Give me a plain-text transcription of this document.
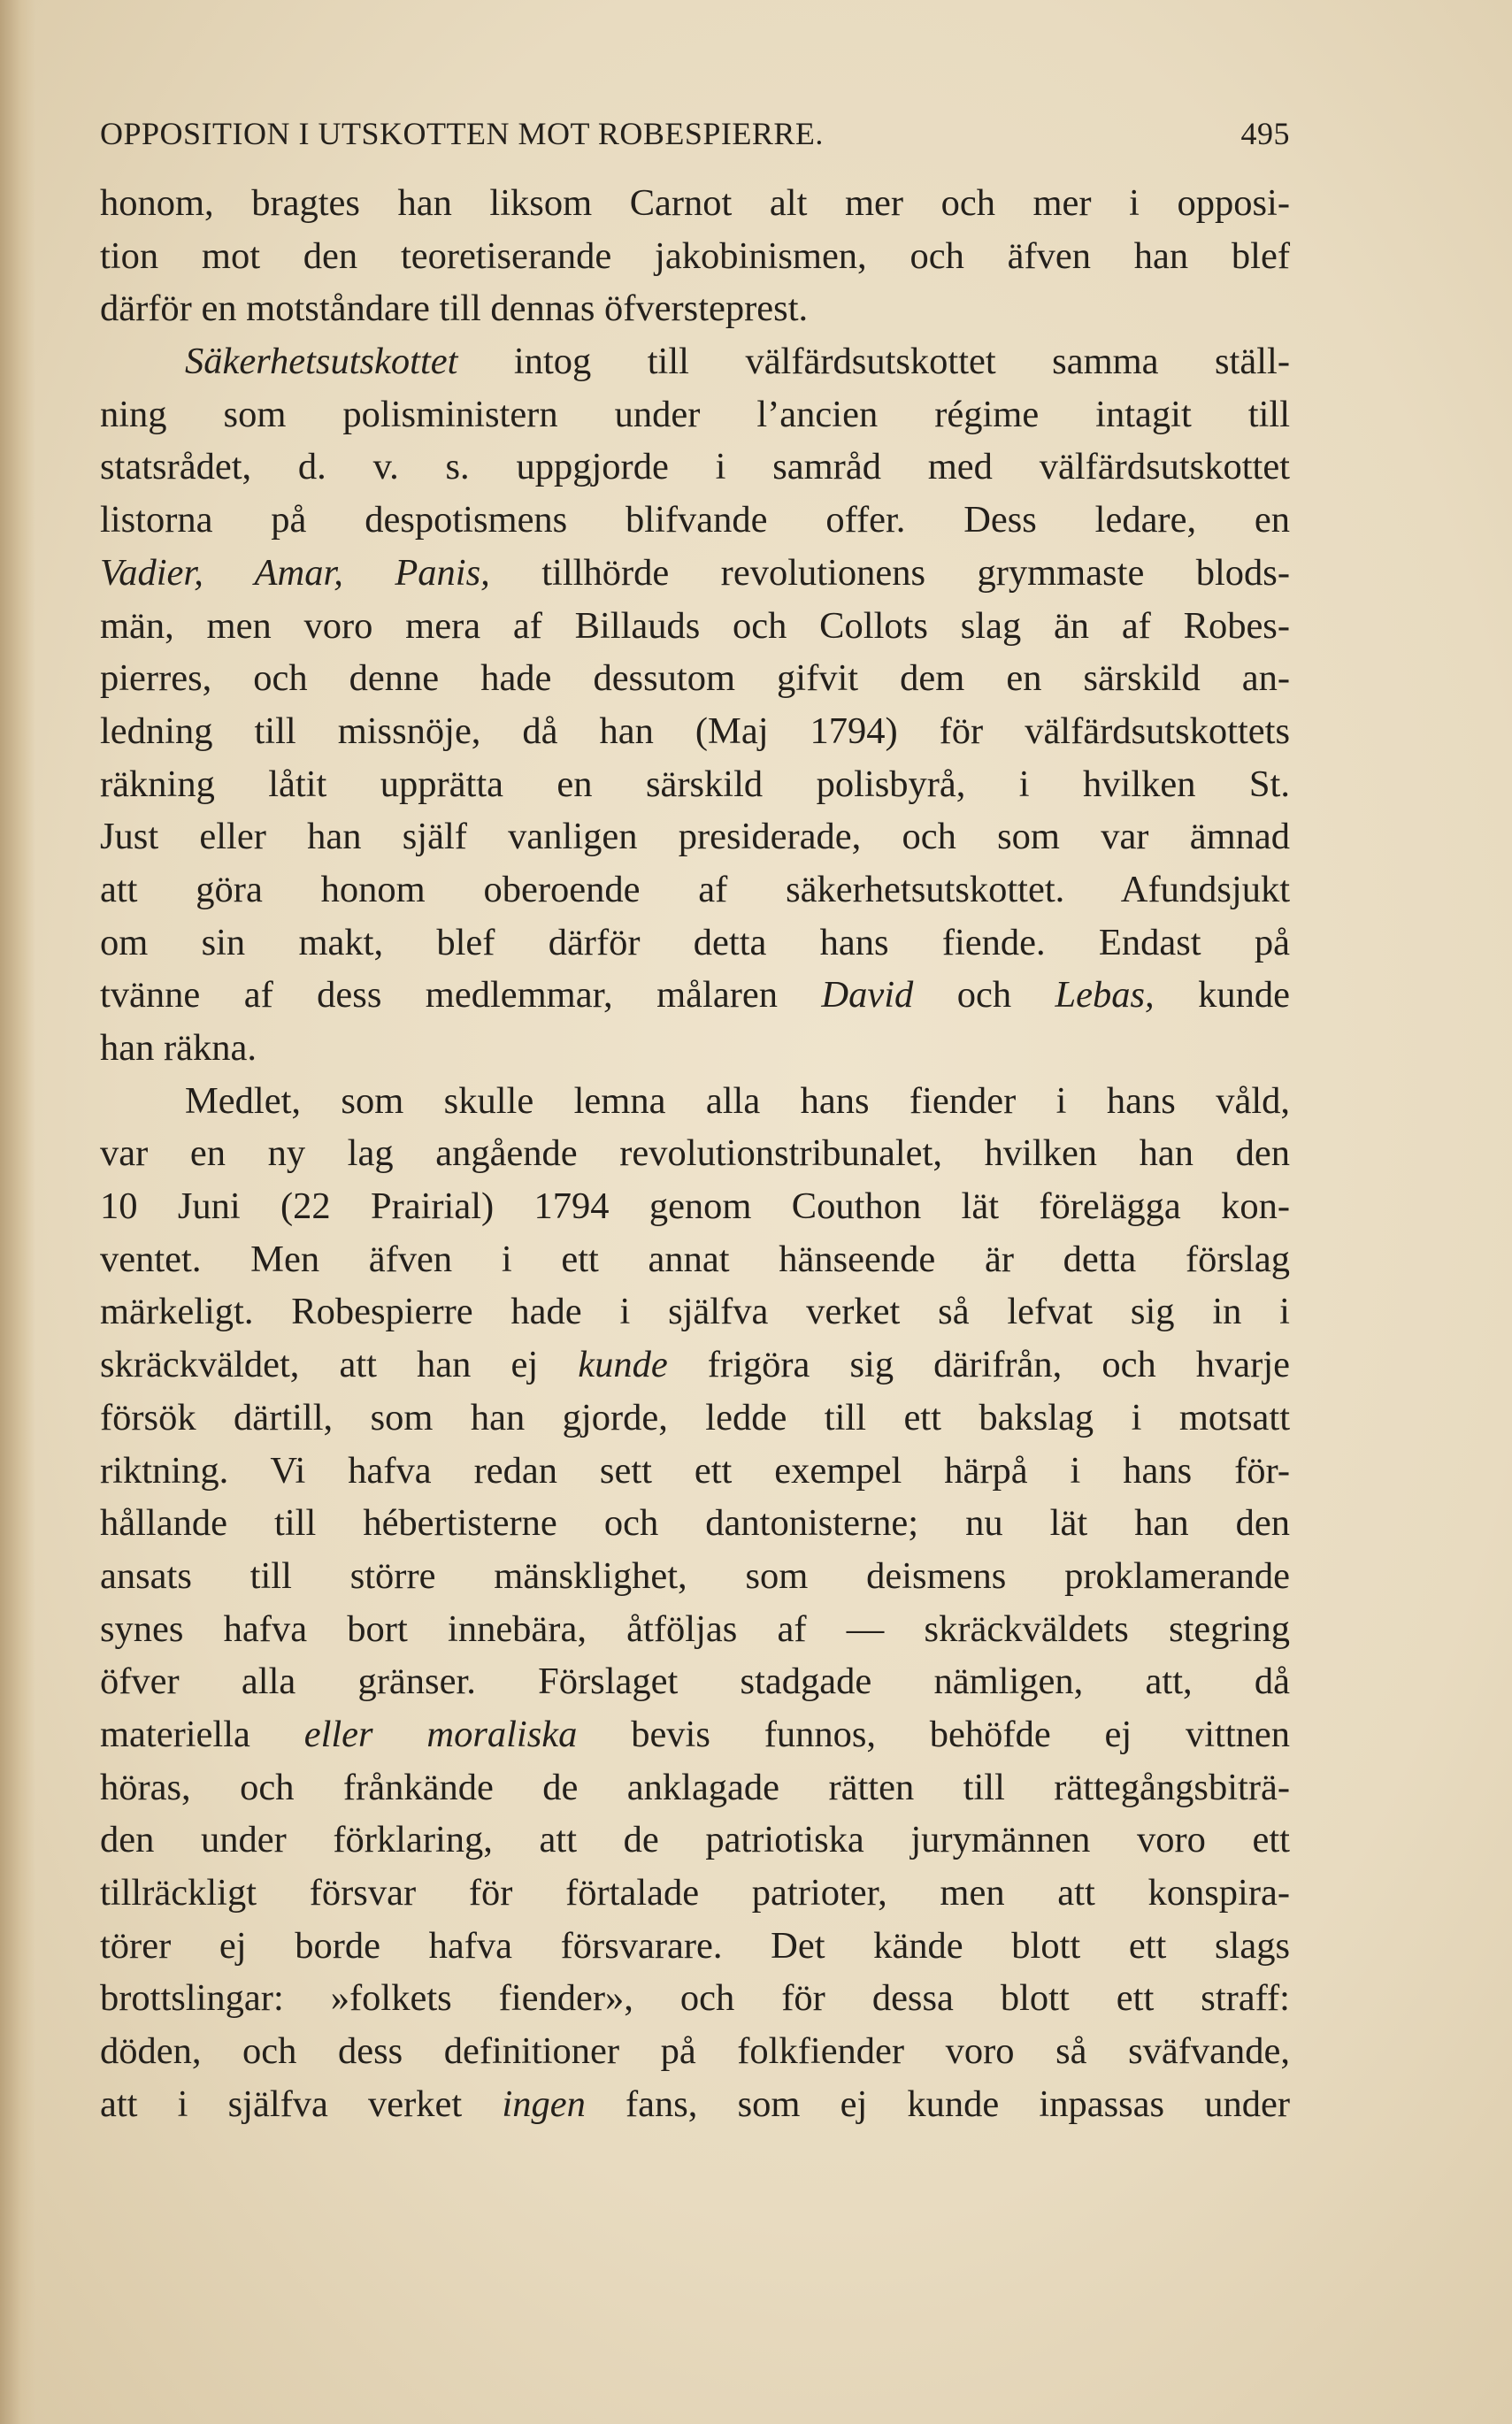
OPPOSITION I UTSKOTTEN MOT ROBESPIERRE.	495
honom, bragtes han liksom Carnot alt mer och mer i opposi-
tion mot den teoretiserande jakobinismen, och äfven han blef
därför en motståndare till dennas öfversteprest.
Säkerhetsutskottet intog till välfärdsutskottet samma ställ-
ning som polisministern under l’ancien régime intagit till
statsrådet, d. v. s. uppgjorde i samråd med välfärdsutskottet
listorna på despotismens blifvande offer. Dess ledare, en
Vadier, Amar, Panis, tillhörde revolutionens grymmaste blods-
män, men voro mera af Billauds och Collots slag än af Robes-
pierres, och denne hade dessutom gifvit dem en särskild an-
ledning till missnöje, då han (Maj 1794) för välfärdsutskottets
räkning låtit upprätta en särskild polisbyrå, i hvilken St.
Just eller han själf vanligen presiderade, och som var ämnad
att göra honom oberoende af säkerhetsutskottet. Afundsjukt
om sin makt, blef därför detta hans fiende. Endast på
tvänne af dess medlemmar, målaren David och Lebas, kunde
han räkna.
Medlet, som skulle lemna alla hans fiender i hans våld,
var en ny lag angående revolutionstribunalet, hvilken han den
10 Juni (22 Prairial) 1794 genom Couthon lät förelägga kon-
ventet. Men äfven i ett annat hänseende är detta förslag
märkeligt. Robespierre hade i själfva verket så lefvat sig in i
skräckväldet, att han ej kunde frigöra sig därifrån, och hvarje
försök därtill, som han gjorde, ledde till ett bakslag i motsatt
riktning. Vi hafva redan sett ett exempel härpå i hans för-
hållande till hébertisterne och dantonisterne; nu lät han den
ansats till större mänsklighet, som deismens proklamerande
synes hafva bort innebära, åtföljas af — skräckväldets stegring
öfver alla gränser. Förslaget stadgade nämligen, att, då
materiella eller moraliska bevis funnos, behöfde ej vittnen
höras, och frånkände de anklagade rätten till rättegångsbiträ-
den under förklaring, att de patriotiska jurymännen voro ett
tillräckligt försvar för förtalade patrioter, men att konspira-
törer ej borde hafva försvarare. Det kände blott ett slags
brottslingar: »folkets fiender», och för dessa blott ett straff:
döden, och dess definitioner på folkfiender voro så sväfvande,
att i själfva verket ingen fans, som ej kunde inpassas under
